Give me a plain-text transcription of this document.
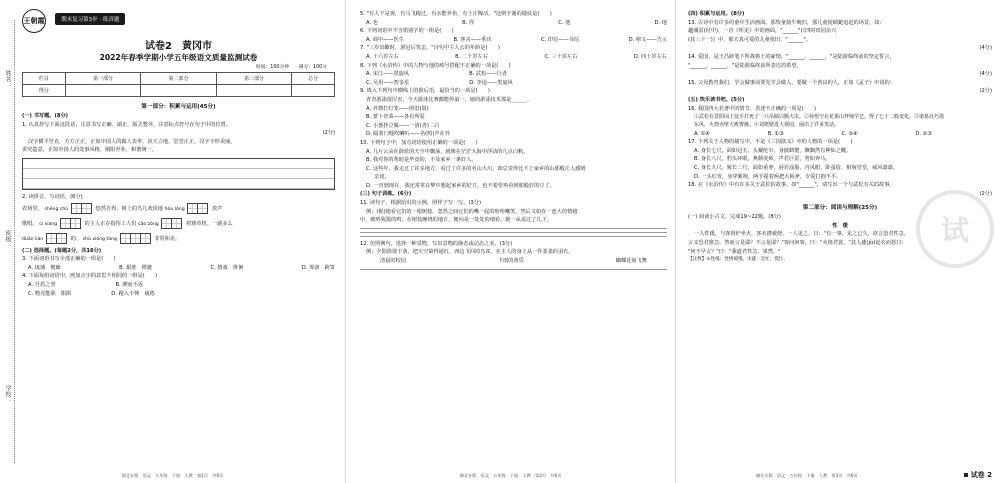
姓名：
班级：
学校：
王朝霞	期末复习第3步 · 练真题
试卷2　黄冈市
2022年春季学期小学五年级语文质量监测试卷
时间：100分钟　　满分：100分
栏目	第一部分	第二部分	第三部分	总分
得分				
第一部分：积累与运用(45分)
(一) 书写题。(8分)
1. 认真抄写下面这段话，注意书写正确、端正，版式整齐，注意标点符号在句子中的位置。
(2分)
汉字横平竖直，方方正正，正如中国人的做人表率，顶天立地，堂堂正正。汉字字形美丽，
讲究造意，正如中国人的处事风格，刚阳至朴，和谐统一。
2. 读拼音，写词语。(6分)
农场里， shēng chù	悠然自得，树上的鸟儿欢快地 hóu lóng	放声
歌唱。 cí xiáng	的主人正在指挥工人们 cāo zòng	着割草机。一副多么
duān liàn	的、 shū xióng táng	非常和美。
(二) 选择题。(每题2分，共16分)
3. 下面词语书写全部正确的一组是(　　)
A. 琉璃　檐廊	B. 甜蔗　橙漉	C. 嬉戏　徘徊	D. 筹备　跨箐
4. 下面每组词语中，画加点字的意思不相同的一组是(　　)
A. 吾盾之坚	B. 溯而不返
C. 物竞能职　陷阱	D. 跑入不惮　疲倦
湖北专版　语文　五年级　下册　人教　第1页　共6页
5. "有人不是客，有马飞跑过，有水能养鱼，有土庄稼活。"这则字谜的谜底是(　　)
A. 也	B. 你	C. 池	D. 地
6. 下列词语中不含错别字的一组是(　　)
A. 调中——医生	B. 客舍——垂店	C. 印信——书信	D. 榜文——告示
7. "三岁出瞭时，洞冠后笑恙。"诗句中主人公的年龄是(　　)
A. 十六岁左右	B. 二十岁左右	C. 三十岁左右	D. 四十岁左右
8. 下列《水浒传》中的人物与他的绰号搭配不正确的一项是(　　)
A. 宋江——黑旋风	B. 武松——行者
C. 吴用——智多星	D. 李逵——黑旋风
9. 填入下列句中横线上的歇后语，最恰当的一项是(　　)
青青游泳很厉害，今天游泳比赛都能得第一，她的游泳技术那是______。
A. 外甥打灯笼——照旧(舅)
B. 萝卜青菜——各有所爱
C. 小葱拌豆腐——一清(青)二白
D. 隔着门缝吹喇叭——名(鸣)声在外
10. 下列句子中，加点词语使用正确的一项是(　　)
A. 几片云朵在蔚蓝的天空中飘荡，就像在茫茫大海中浮动的几点白帆。
B. 我对你的帮助是毕竟的，不及家乡一条好人。
C. 这些年，我走过了许多地方，看过了许多的名山大川，却总觉得比不上家乡的山那般让人感到
亲切。
D. 一直到现在，我还常常在梦中想起家乡的好豆，也不希望再看到那般好的豆了。
(三) 句子训练。(6分)
11. 读句子，根据给出的示例，照样子写一写。(3分)
例：(猴)地看它们的一根树枝，忽然之间它们的嘴一起的哈哈嘲笑，然后又如在一连大的情绪
中，细听猩猩的鸣，在树枝缠绕的地方，便向是一处处的细看，她一从说过了几下。
12. 仿照例句，选择一种景物，写出景物的静态或动态之美。(3分)
例：夕阳徐徐下落，把天空染得通红，西边飞回的鸟雀，在主人的身上从一件柔柔的羽衣。
清晨的校园	下雨的黄昏	蝴蝶花间飞舞
湖北专版　语文　五年级　下册　人教　第2页　共6页
(四) 积累与运用。(8分)
13. 古诗中有许多的童年生活画面。那牧童骑牛晚归，那儿童捉蜻蜓追赶的场景，如：
趣溪雷(村中)，一首《所见》中的画面，"______"(《四时田园杂兴
(其三十一)》中，那天真可爱的儿童依旧，"______"。
(4分)
14. 爱国，是王昌龄笔下所战将士的豪情，"______，______。"是陆游临终前的坚定誓言，
"______，______。"是陆游临终前所表达的希望。
(4分)
15. 父母教育我们，学会做事前要先学会做人，要做一个善良的人，正如《孟子》中说的：
(2分)
(五) 快乐读书吧。(5分)
16. 我国四大名著中的情节，表述不正确的一项是(　　)
①武松在景阳冈上徒手打死了一只吊睛白额大虫。②孙悟空在花果山拜师学艺，得了七十二般变化。③诸葛亮巧借东风，火烧赤壁大败曹操。④刘姥姥进大观园，闹出了许多笑话。
A. ①④	B. ①③	C. ③④	D. ②③
17. 下列关于人物的描写中，不是《三国演义》中的人物的一项是(　　)
A. 身长七尺，面如冠玉，头戴纶巾，身披鹤氅，飘飘然有神仙之概。
B. 身长八尺，豹头环眼，燕颔虎须，声若巨雷，势如奔马。
C. 身长九尺，髯长二尺，面如重枣，唇若涂脂，丹凤眼，卧蚕眉，相貌堂堂，威风凛凛。
D. 一头红发，身穿紫袍，两手提着两把大板斧，专爱打抱不平。
18. 在《水浒传》中有许多关于武松的故事，如"______"，请写出一个与武松有关的故事。
(2分)
第二部分：阅读与理解(25分)
(一) 阅读小古文，完成19~22题。(8分)
性　缓
一人性缓，与客围炉坐火，客衣襟被烧，一人见之，曰："有一事，见之已久，欲言恐君性急，
言又恐君愈急。然而言是耶？不言是耶？"客问何事，曰："火烧君裳。"其人遽(jù)起衣而怒曰：
"何不早言？"曰："我道君性急，果然。"
【注释】①性缓：性情缓慢。②遽：急忙，慌忙。
试
湖北专版　语文　五年级　下册　人教　第3页　共6页	试卷 2
